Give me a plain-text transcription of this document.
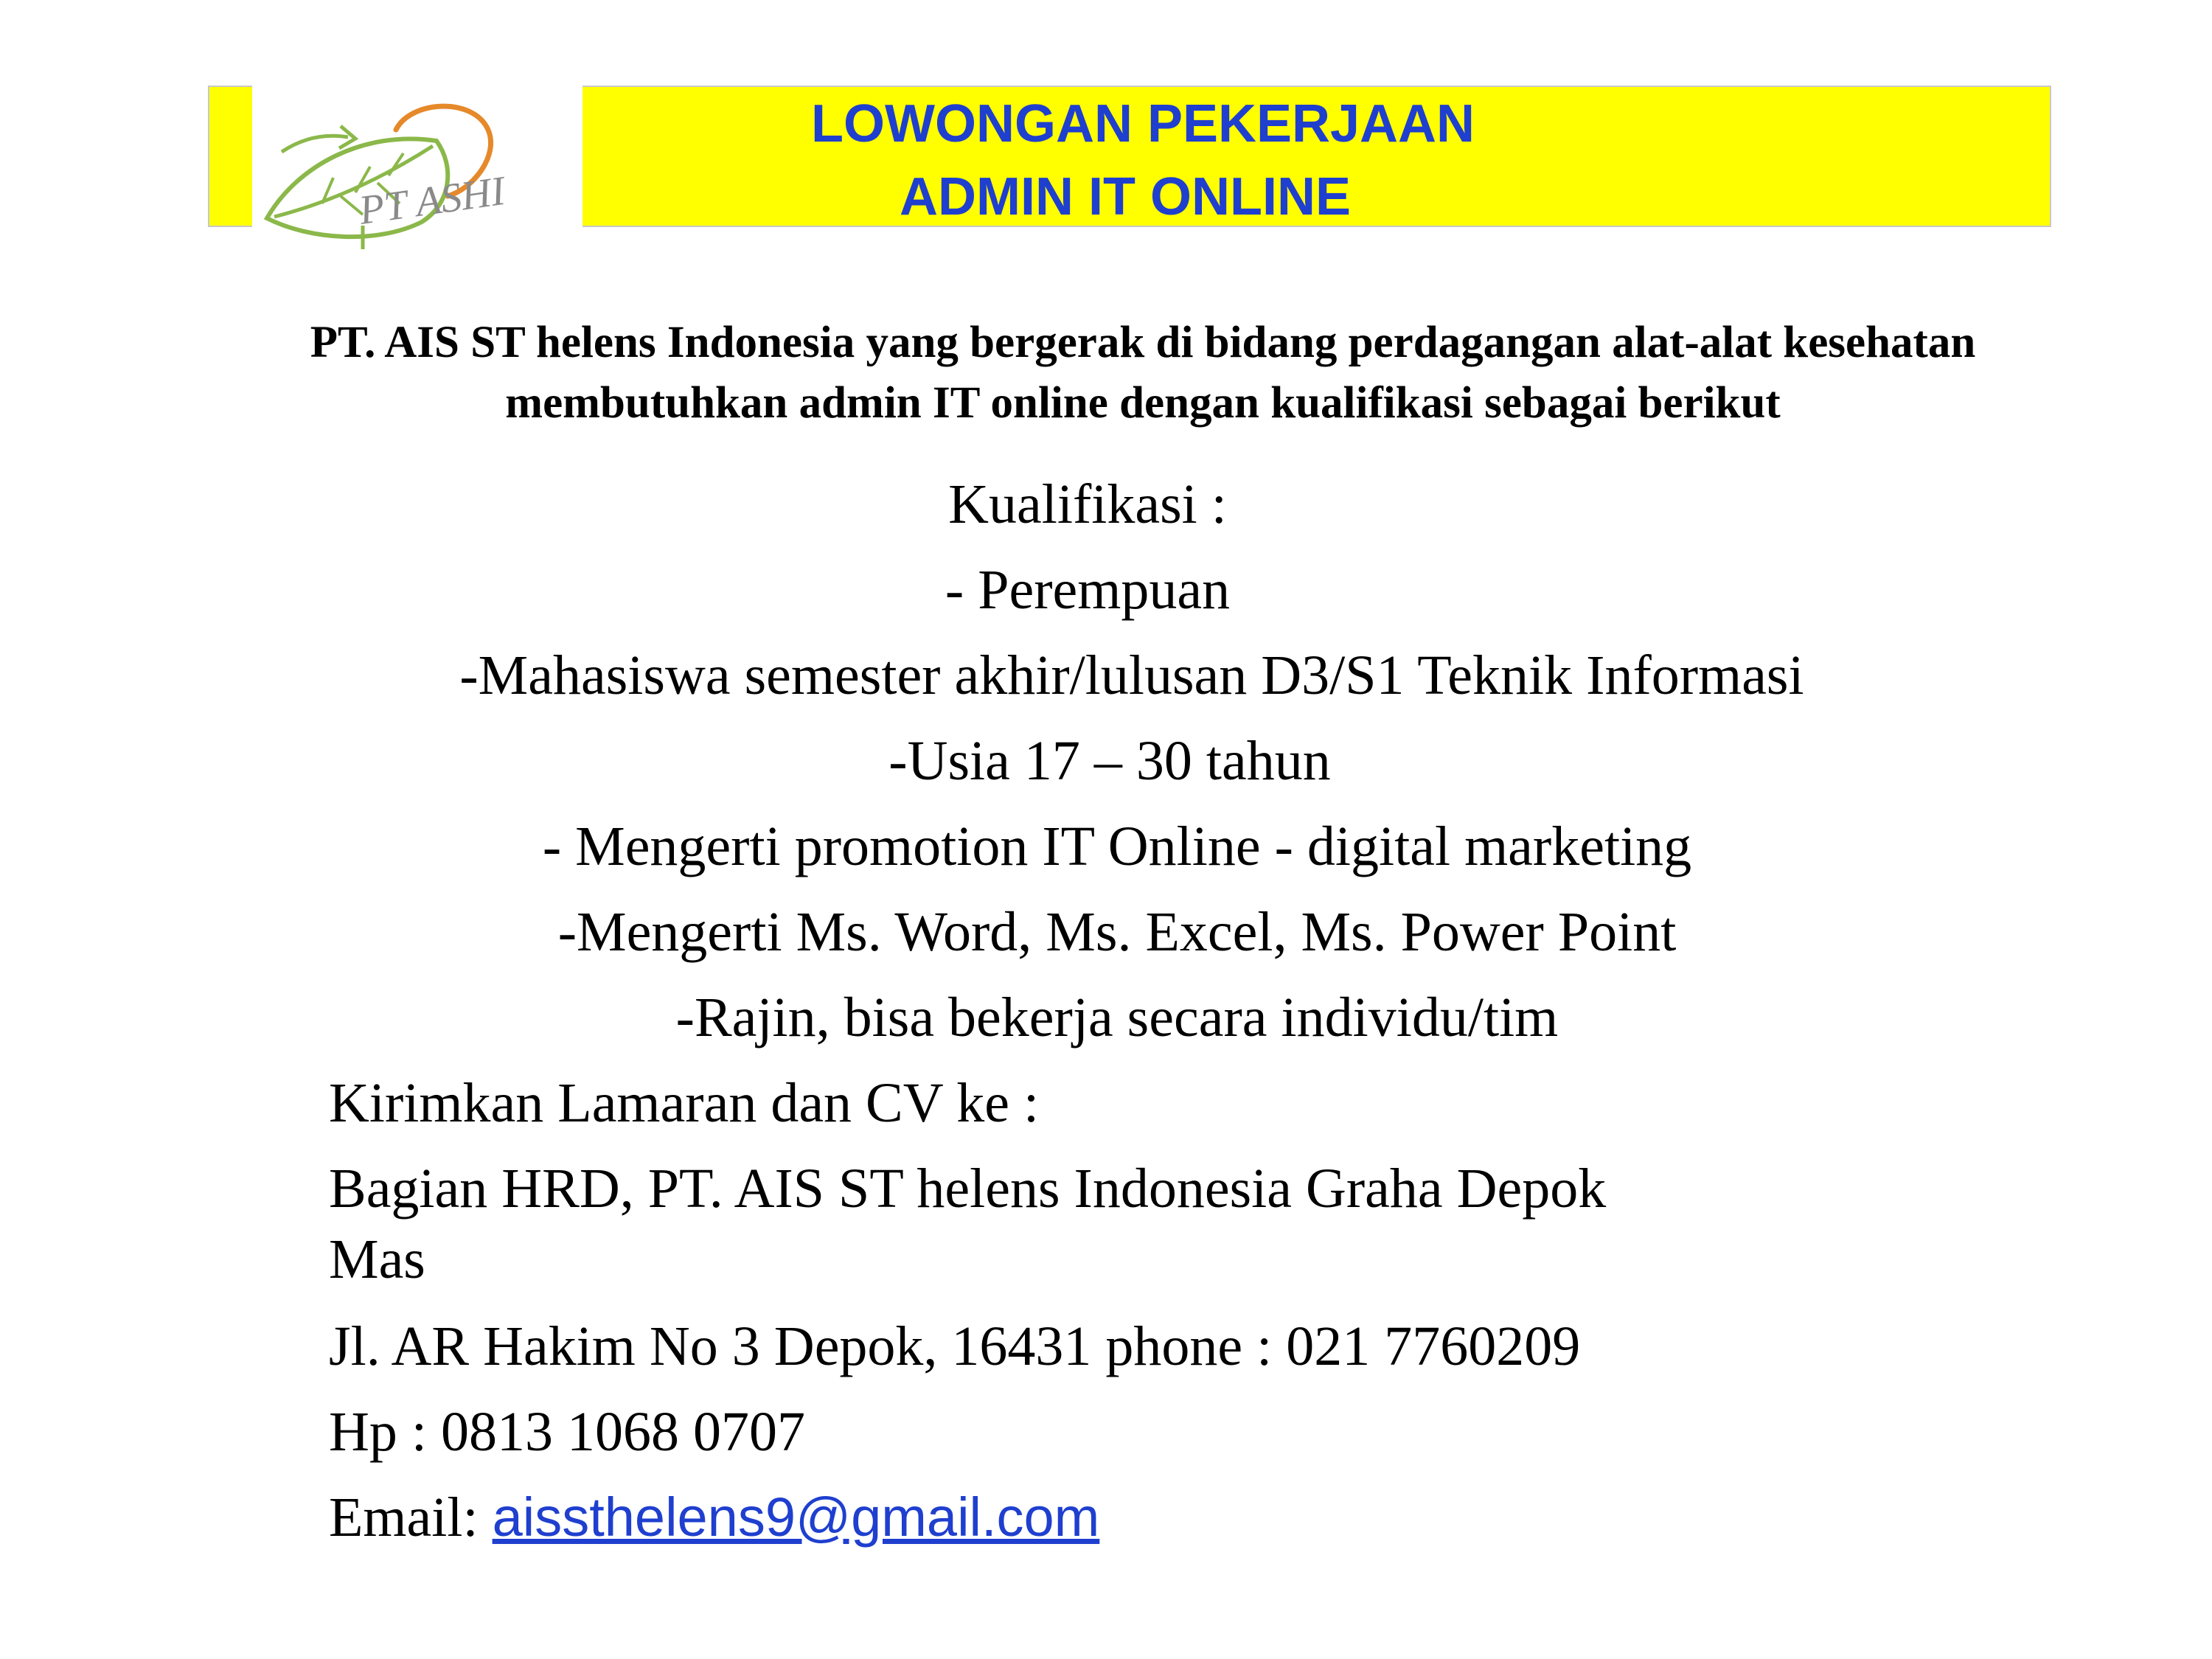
PT ASHI
LOWONGAN PEKERJAAN
ADMIN IT ONLINE
PT. AIS ST helens Indonesia yang bergerak di bidang perdagangan alat-alat kesehatan
membutuhkan admin IT online dengan kualifikasi sebagai berikut
Kualifikasi :
- Perempuan
-Mahasiswa semester akhir/lulusan D3/S1 Teknik Informasi
-Usia 17 – 30 tahun
- Mengerti promotion IT Online - digital marketing
-Mengerti Ms. Word, Ms. Excel, Ms. Power Point
-Rajin, bisa bekerja secara individu/tim
Kirimkan Lamaran dan CV ke :
Bagian HRD, PT. AIS ST helens Indonesia Graha Depok
Mas
Jl. AR Hakim No 3 Depok, 16431 phone : 021 7760209
Hp : 0813 1068 0707
Email: aissthelens9@gmail.com
